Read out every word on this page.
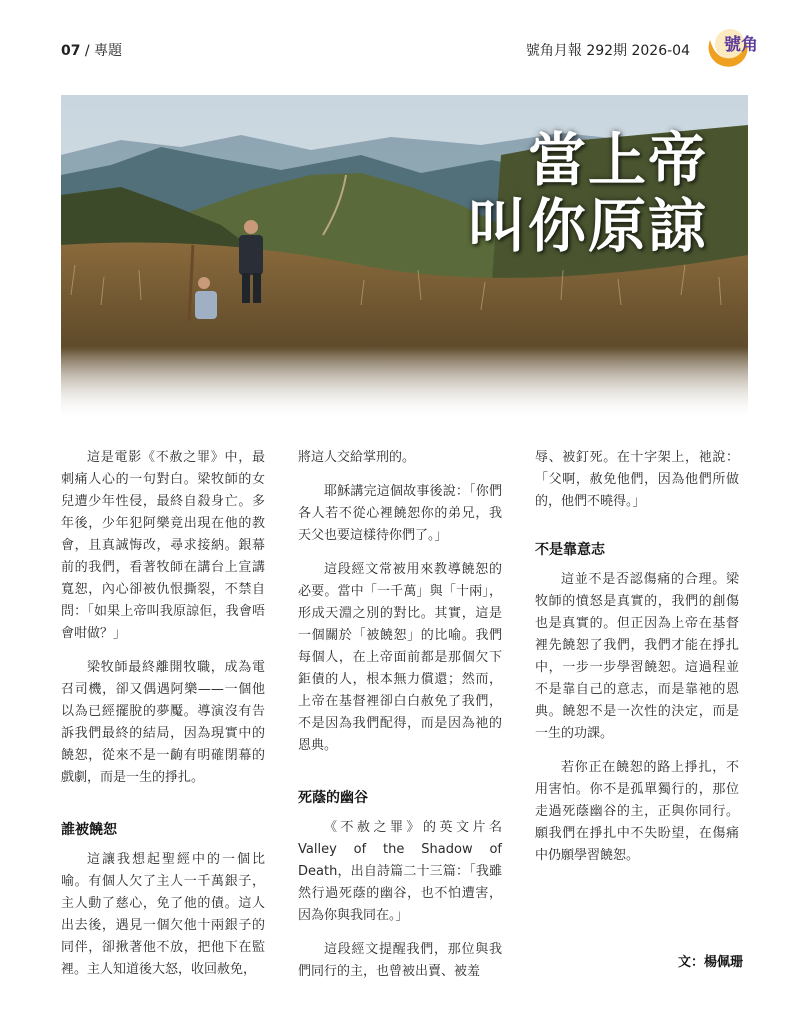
07 / 專題	號角月報 292期 2026-04 號角
當上帝
叫你原諒

這是電影《不赦之罪》中，最刺痛人心的一句對白。梁牧師的女兒遭少年性侵，最終自殺身亡。多年後，少年犯阿樂竟出現在他的教會，且真誠悔改，尋求接納。銀幕前的我們，看著牧師在講台上宣講寬恕，內心卻被仇恨撕裂，不禁自問：「如果上帝叫我原諒佢，我會唔會咁做？」

梁牧師最終離開牧職，成為電召司機，卻又偶遇阿樂——一個他以為已經擺脫的夢魘。導演沒有告訴我們最終的結局，因為現實中的饒恕，從來不是一齣有明確閉幕的戲劇，而是一生的掙扎。

誰被饒恕

這讓我想起聖經中的一個比喻。有個人欠了主人一千萬銀子，主人動了慈心，免了他的債。這人出去後，遇見一個欠他十兩銀子的同伴，卻揪著他不放，把他下在監裡。主人知道後大怒，收回赦免，

將這人交給掌刑的。

耶穌講完這個故事後說：「你們各人若不從心裡饒恕你的弟兄，我天父也要這樣待你們了。」

這段經文常被用來教導饒恕的必要。當中「一千萬」與「十兩」，形成天淵之別的對比。其實，這是一個關於「被饒恕」的比喻。我們每個人，在上帝面前都是那個欠下鉅債的人，根本無力償還；然而，上帝在基督裡卻白白赦免了我們，不是因為我們配得，而是因為祂的恩典。

死蔭的幽谷

《不赦之罪》的英文片名Valley of the Shadow of Death，出自詩篇二十三篇：「我雖然行過死蔭的幽谷，也不怕遭害，因為你與我同在。」

這段經文提醒我們，那位與我們同行的主，也曾被出賣、被羞

辱、被釘死。在十字架上，祂說：「父啊，赦免他們，因為他們所做的，他們不曉得。」

不是靠意志

這並不是否認傷痛的合理。梁牧師的憤怒是真實的，我們的創傷也是真實的。但正因為上帝在基督裡先饒恕了我們，我們才能在掙扎中，一步一步學習饒恕。這過程並不是靠自己的意志，而是靠祂的恩典。饒恕不是一次性的決定，而是一生的功課。

若你正在饒恕的路上掙扎，不用害怕。你不是孤單獨行的，那位走過死蔭幽谷的主，正與你同行。願我們在掙扎中不失盼望，在傷痛中仍願學習饒恕。

文：楊佩珊
